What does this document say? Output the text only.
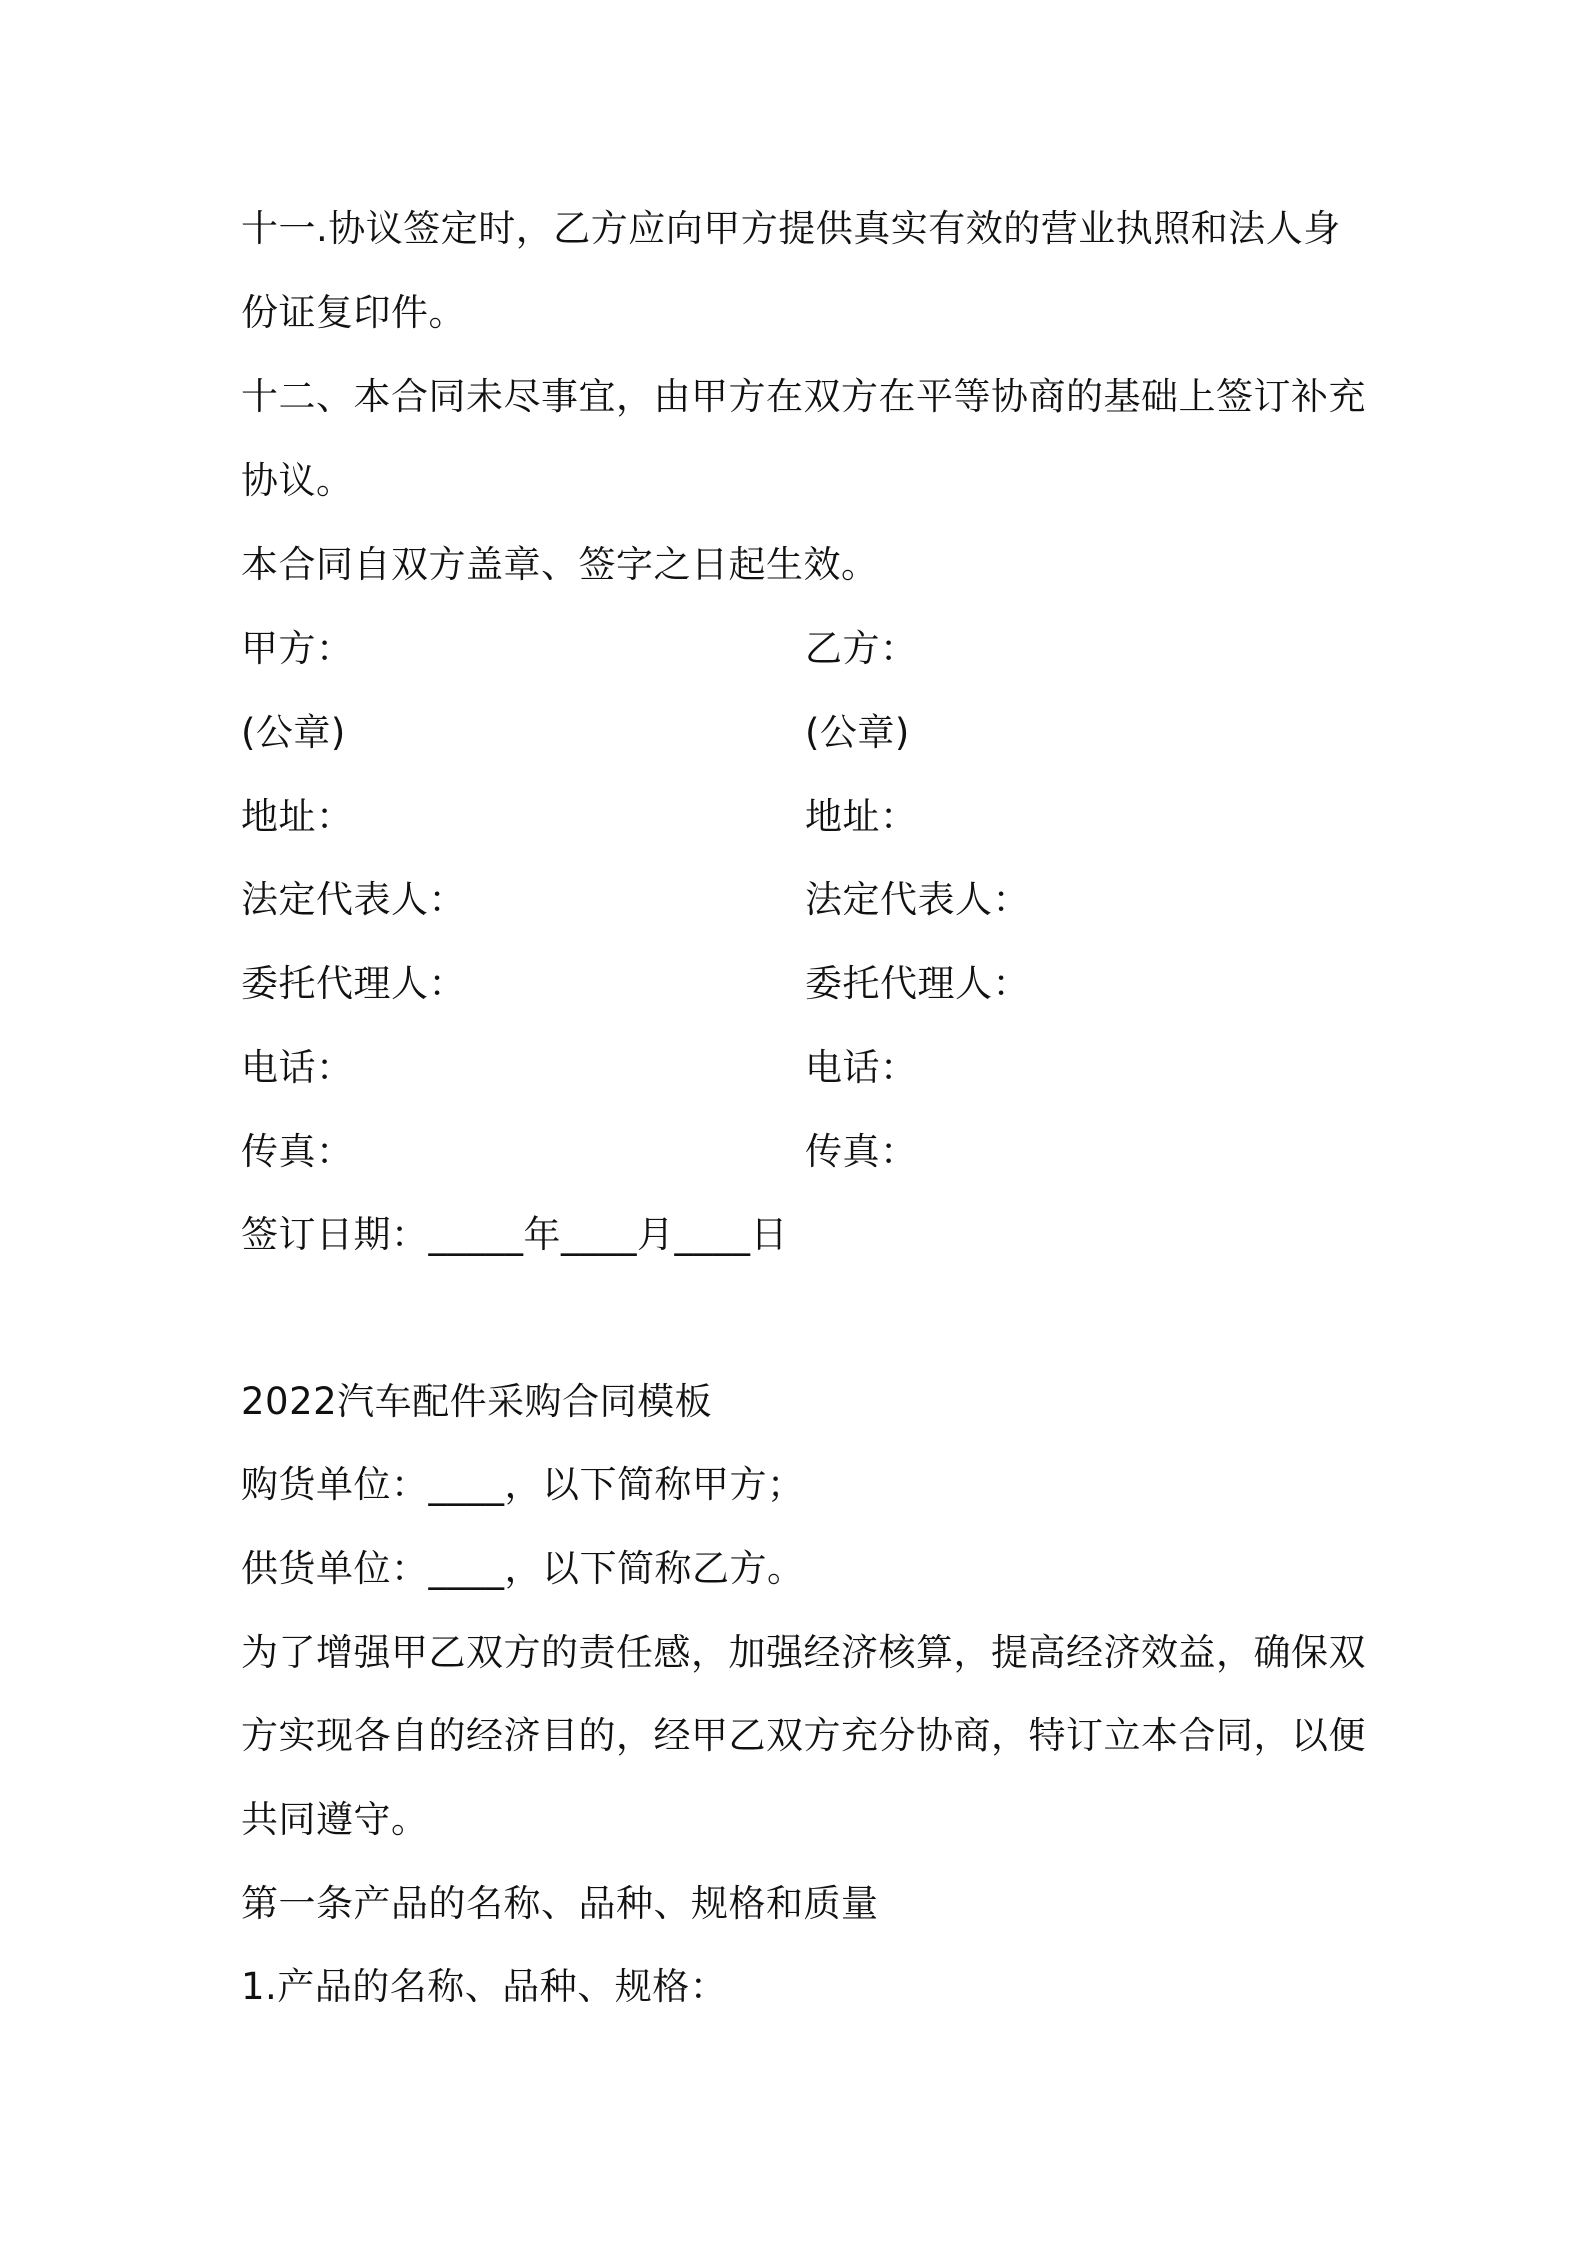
十一.协议签定时，乙方应向甲方提供真实有效的营业执照和法人身
份证复印件。
十二、本合同未尽事宜，由甲方在双方在平等协商的基础上签订补充
协议。
本合同自双方盖章、签字之日起生效。
甲方：	乙方：
(公章)	(公章)
地址：	地址：
法定代表人：	法定代表人：
委托代理人：	委托代理人：
电话：	电话：
传真：	传真：
签订日期：_____年____月____日
2022汽车配件采购合同模板
购货单位：____，以下简称甲方；
供货单位：____，以下简称乙方。
为了增强甲乙双方的责任感，加强经济核算，提高经济效益，确保双
方实现各自的经济目的，经甲乙双方充分协商，特订立本合同，以便
共同遵守。
第一条产品的名称、品种、规格和质量
1.产品的名称、品种、规格：
